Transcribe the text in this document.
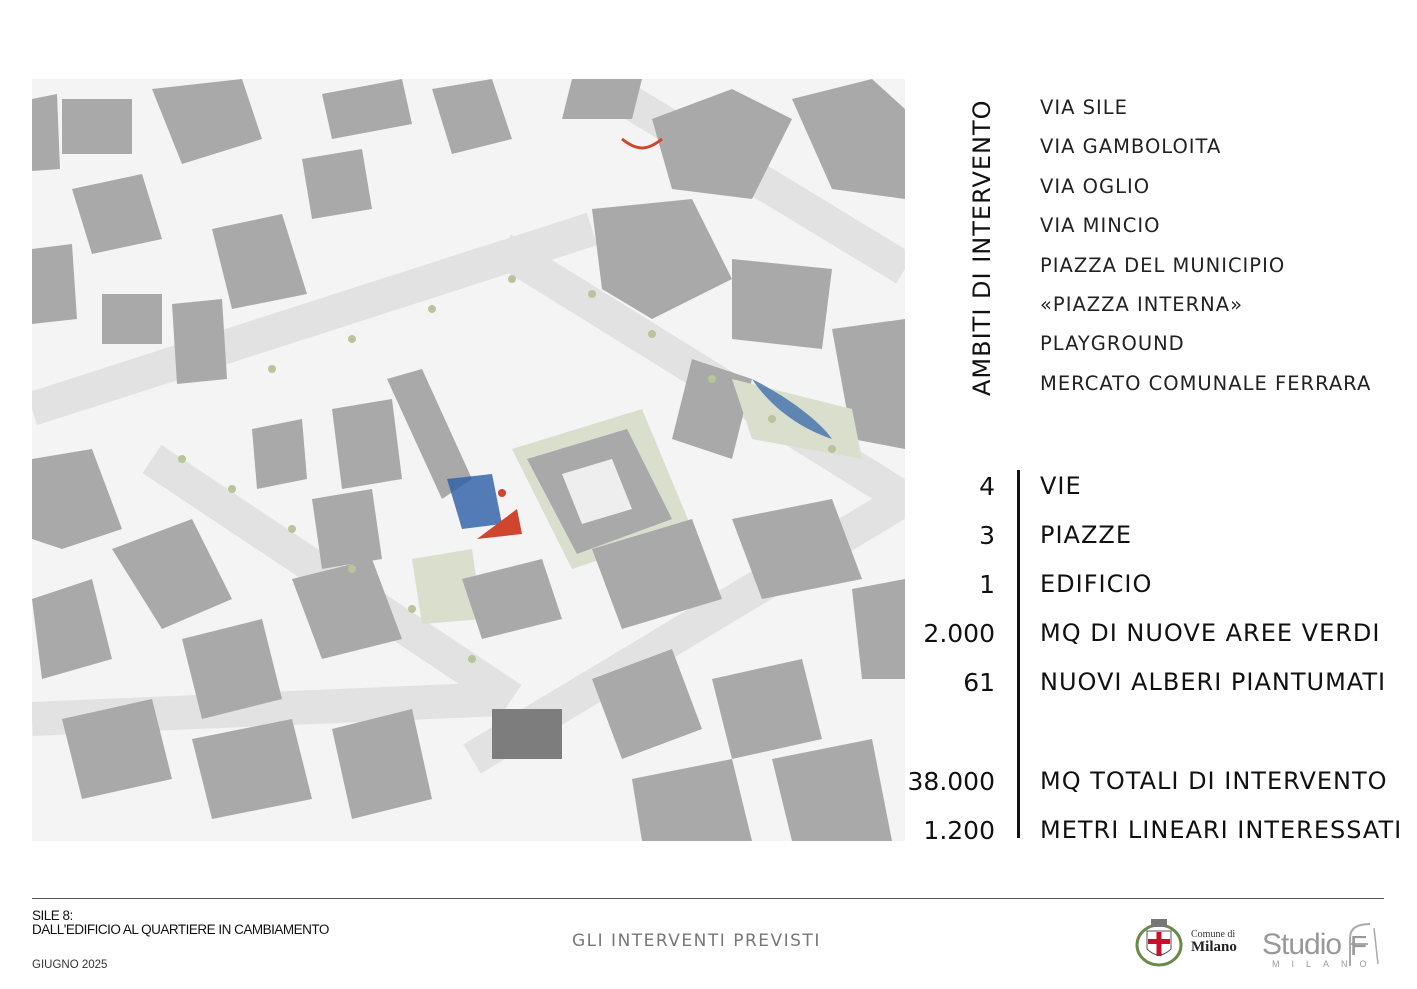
AMBITI DI INTERVENTO VIA SILE
VIA GAMBOLOITA
VIA OGLIO
VIA MINCIO
PIAZZA DEL MUNICIPIO
«PIAZZA INTERNA»
PLAYGROUND
MERCATO COMUNALE FERRARA
4 VIE
3 PIAZZE
1 EDIFICIO
2.000 MQ DI NUOVE AREE VERDI
61 NUOVI ALBERI PIANTUMATI
38.000 MQ TOTALI DI INTERVENTO
1.200 METRI LINEARI INTERESSATI
SILE 8:
DALL'EDIFICIO AL QUARTIERE IN CAMBIAMENTO
GIUGNO 2025
GLI INTERVENTI PREVISTI	Comune di
Milano Studio F
MILANO
